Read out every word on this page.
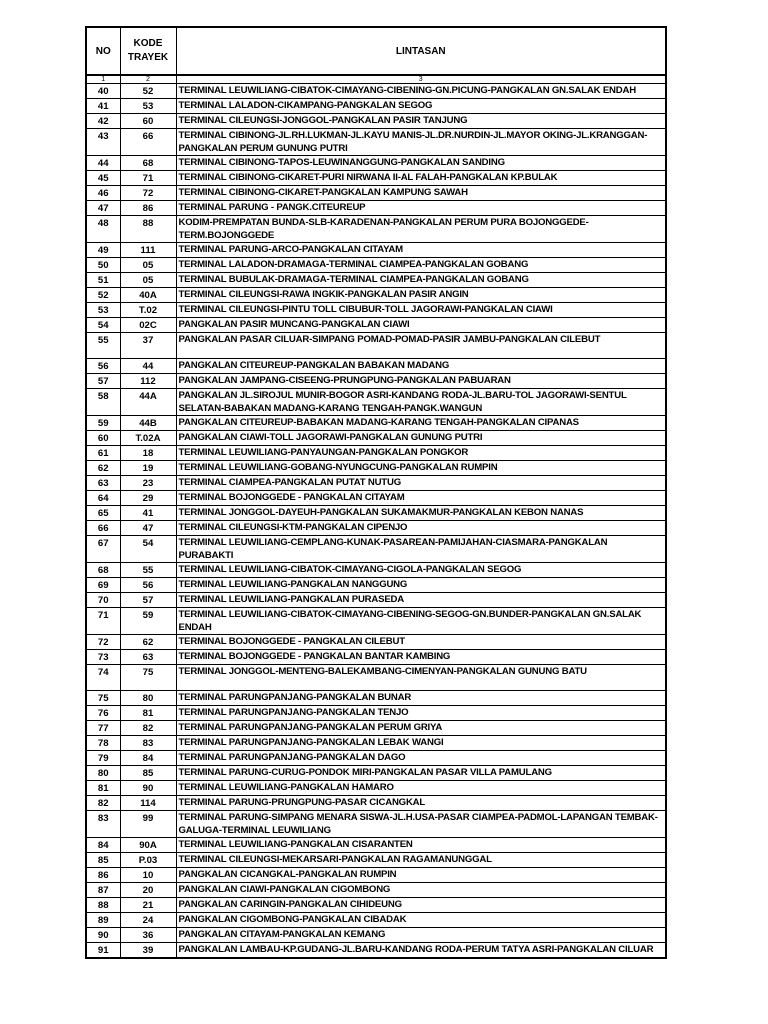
NO	KODE TRAYEK	LINTASAN
1	2	3
40	52	TERMINAL LEUWILIANG-CIBATOK-CIMAYANG-CIBENING-GN.PICUNG-PANGKALAN GN.SALAK ENDAH
41	53	TERMINAL LALADON-CIKAMPANG-PANGKALAN SEGOG
42	60	TERMINAL CILEUNGSI-JONGGOL-PANGKALAN PASIR TANJUNG
43	66	TERMINAL CIBINONG-JL.RH.LUKMAN-JL.KAYU MANIS-JL.DR.NURDIN-JL.MAYOR OKING-JL.KRANGGAN-PANGKALAN PERUM GUNUNG PUTRI
44	68	TERMINAL CIBINONG-TAPOS-LEUWINANGGUNG-PANGKALAN SANDING
45	71	TERMINAL CIBINONG-CIKARET-PURI NIRWANA II-AL FALAH-PANGKALAN KP.BULAK
46	72	TERMINAL CIBINONG-CIKARET-PANGKALAN KAMPUNG SAWAH
47	86	TERMINAL PARUNG - PANGK.CITEUREUP
48	88	KODIM-PREMPATAN BUNDA-SLB-KARADENAN-PANGKALAN PERUM PURA BOJONGGEDE-TERM.BOJONGGEDE
49	111	TERMINAL PARUNG-ARCO-PANGKALAN CITAYAM
50	05	TERMINAL LALADON-DRAMAGA-TERMINAL CIAMPEA-PANGKALAN GOBANG
51	05	TERMINAL BUBULAK-DRAMAGA-TERMINAL CIAMPEA-PANGKALAN GOBANG
52	40A	TERMINAL CILEUNGSI-RAWA INGKIK-PANGKALAN PASIR ANGIN
53	T.02	TERMINAL CILEUNGSI-PINTU TOLL CIBUBUR-TOLL JAGORAWI-PANGKALAN CIAWI
54	02C	PANGKALAN PASIR MUNCANG-PANGKALAN CIAWI
55	37	PANGKALAN PASAR CILUAR-SIMPANG POMAD-POMAD-PASIR JAMBU-PANGKALAN CILEBUT
56	44	PANGKALAN CITEUREUP-PANGKALAN BABAKAN MADANG
57	112	PANGKALAN JAMPANG-CISEENG-PRUNGPUNG-PANGKALAN PABUARAN
58	44A	PANGKALAN JL.SIROJUL MUNIR-BOGOR ASRI-KANDANG RODA-JL.BARU-TOL JAGORAWI-SENTUL SELATAN-BABAKAN MADANG-KARANG TENGAH-PANGK.WANGUN
59	44B	PANGKALAN CITEUREUP-BABAKAN MADANG-KARANG TENGAH-PANGKALAN CIPANAS
60	T.02A	PANGKALAN CIAWI-TOLL JAGORAWI-PANGKALAN GUNUNG PUTRI
61	18	TERMINAL LEUWILIANG-PANYAUNGAN-PANGKALAN PONGKOR
62	19	TERMINAL LEUWILIANG-GOBANG-NYUNGCUNG-PANGKALAN RUMPIN
63	23	TERMINAL CIAMPEA-PANGKALAN PUTAT NUTUG
64	29	TERMINAL BOJONGGEDE - PANGKALAN CITAYAM
65	41	TERMINAL JONGGOL-DAYEUH-PANGKALAN SUKAMAKMUR-PANGKALAN KEBON NANAS
66	47	TERMINAL CILEUNGSI-KTM-PANGKALAN CIPENJO
67	54	TERMINAL LEUWILIANG-CEMPLANG-KUNAK-PASAREAN-PAMIJAHAN-CIASMARA-PANGKALAN PURABAKTI
68	55	TERMINAL LEUWILIANG-CIBATOK-CIMAYANG-CIGOLA-PANGKALAN SEGOG
69	56	TERMINAL LEUWILIANG-PANGKALAN NANGGUNG
70	57	TERMINAL LEUWILIANG-PANGKALAN PURASEDA
71	59	TERMINAL LEUWILIANG-CIBATOK-CIMAYANG-CIBENING-SEGOG-GN.BUNDER-PANGKALAN GN.SALAK ENDAH
72	62	TERMINAL BOJONGGEDE - PANGKALAN CILEBUT
73	63	TERMINAL BOJONGGEDE - PANGKALAN BANTAR KAMBING
74	75	TERMINAL JONGGOL-MENTENG-BALEKAMBANG-CIMENYAN-PANGKALAN GUNUNG BATU
75	80	TERMINAL PARUNGPANJANG-PANGKALAN BUNAR
76	81	TERMINAL PARUNGPANJANG-PANGKALAN TENJO
77	82	TERMINAL PARUNGPANJANG-PANGKALAN PERUM GRIYA
78	83	TERMINAL PARUNGPANJANG-PANGKALAN LEBAK WANGI
79	84	TERMINAL PARUNGPANJANG-PANGKALAN DAGO
80	85	TERMINAL PARUNG-CURUG-PONDOK MIRI-PANGKALAN PASAR VILLA PAMULANG
81	90	TERMINAL LEUWILIANG-PANGKALAN HAMARO
82	114	TERMINAL PARUNG-PRUNGPUNG-PASAR CICANGKAL
83	99	TERMINAL PARUNG-SIMPANG MENARA SISWA-JL.H.USA-PASAR CIAMPEA-PADMOL-LAPANGAN TEMBAK-GALUGA-TERMINAL LEUWILIANG
84	90A	TERMINAL LEUWILIANG-PANGKALAN CISARANTEN
85	P.03	TERMINAL CILEUNGSI-MEKARSARI-PANGKALAN RAGAMANUNGGAL
86	10	PANGKALAN CICANGKAL-PANGKALAN RUMPIN
87	20	PANGKALAN CIAWI-PANGKALAN CIGOMBONG
88	21	PANGKALAN CARINGIN-PANGKALAN CIHIDEUNG
89	24	PANGKALAN CIGOMBONG-PANGKALAN CIBADAK
90	36	PANGKALAN CITAYAM-PANGKALAN KEMANG
91	39	PANGKALAN LAMBAU-KP.GUDANG-JL.BARU-KANDANG RODA-PERUM TATYA ASRI-PANGKALAN CILUAR
